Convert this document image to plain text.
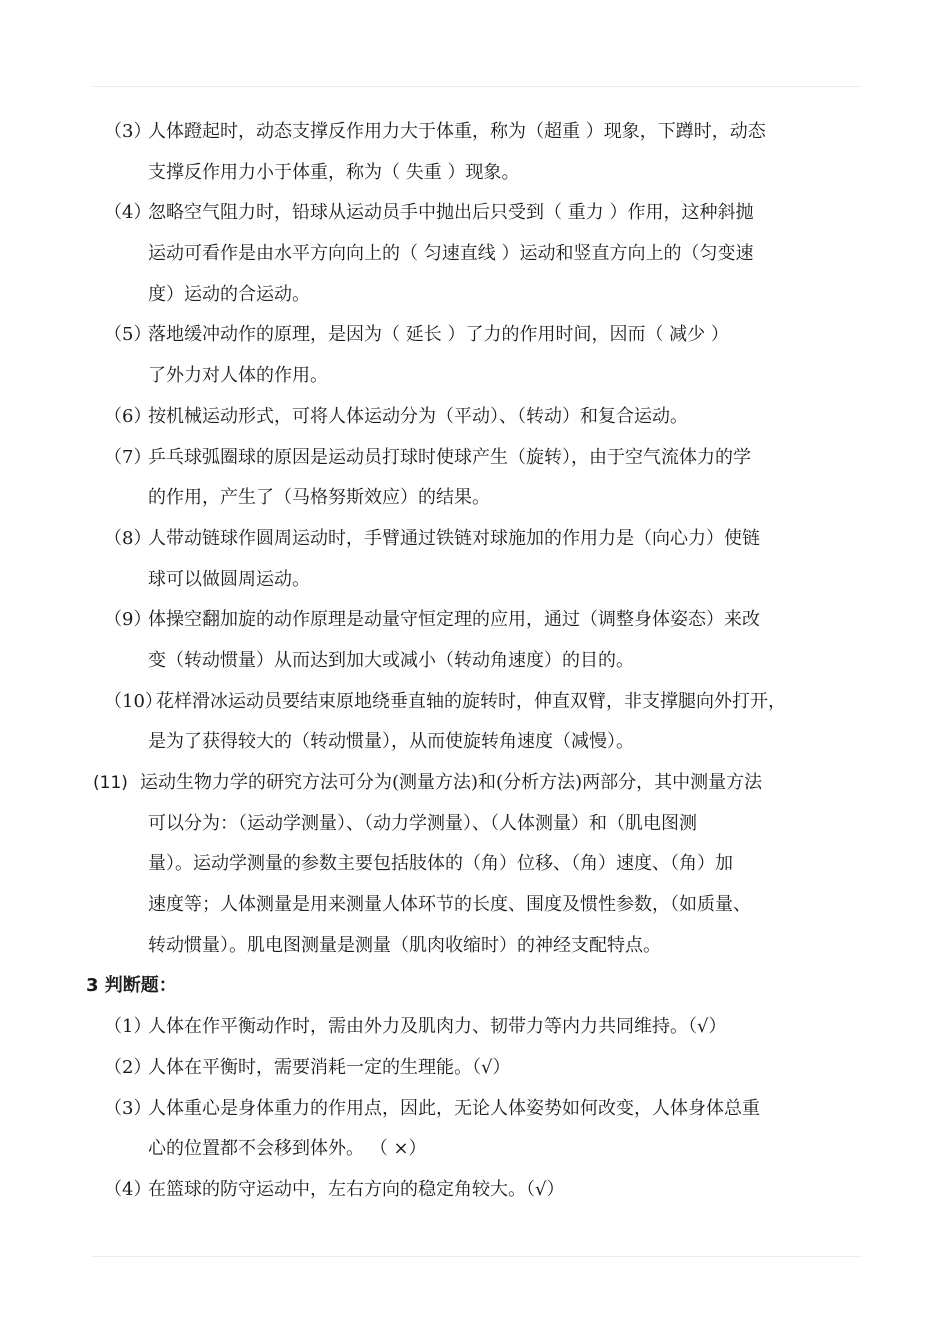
（3）
人体蹬起时，动态支撑反作用力大于体重，称为（超重 ）现象，下蹲时，动态
支撑反作用力小于体重，称为（ 失重 ）现象。
（4）
忽略空气阻力时，铅球从运动员手中抛出后只受到（ 重力 ）作用，这种斜抛
运动可看作是由水平方向向上的（ 匀速直线 ）运动和竖直方向上的（匀变速
度）运动的合运动。
（5）
落地缓冲动作的原理，是因为（ 延长 ）了力的作用时间，因而（ 减少 ）
了外力对人体的作用。
（6）
按机械运动形式，可将人体运动分为（平动）、（转动）和复合运动。
（7）
乒乓球弧圈球的原因是运动员打球时使球产生（旋转），由于空气流体力的学
的作用，产生了（马格努斯效应）的结果。
（8）
人带动链球作圆周运动时，手臂通过铁链对球施加的作用力是（向心力）使链
球可以做圆周运动。
（9）
体操空翻加旋的动作原理是动量守恒定理的应用，通过（调整身体姿态）来改
变（转动惯量）从而达到加大或减小（转动角速度）的目的。
（10）
花样滑冰运动员要结束原地绕垂直轴的旋转时，伸直双臂，非支撑腿向外打开，
是为了获得较大的（转动惯量），从而使旋转角速度（减慢）。
(11) 运动生物力学的研究方法可分为(测量方法)和(分析方法)两部分，其中测量方法
可以分为：（运动学测量）、（动力学测量）、（人体测量）和（肌电图测
量）。运动学测量的参数主要包括肢体的（角）位移、（角）速度、（角）加
速度等；人体测量是用来测量人体环节的长度、围度及惯性参数，（如质量、
转动惯量）。肌电图测量是测量（肌肉收缩时）的神经支配特点。
3 判断题：
（1）
人体在作平衡动作时，需由外力及肌肉力、韧带力等内力共同维持。（√）
（2）
人体在平衡时，需要消耗一定的生理能。（√）
（3）
人体重心是身体重力的作用点，因此，无论人体姿势如何改变，人体身体总重
心的位置都不会移到体外。 （ ×）
（4）
在篮球的防守运动中，左右方向的稳定角较大。（√）
